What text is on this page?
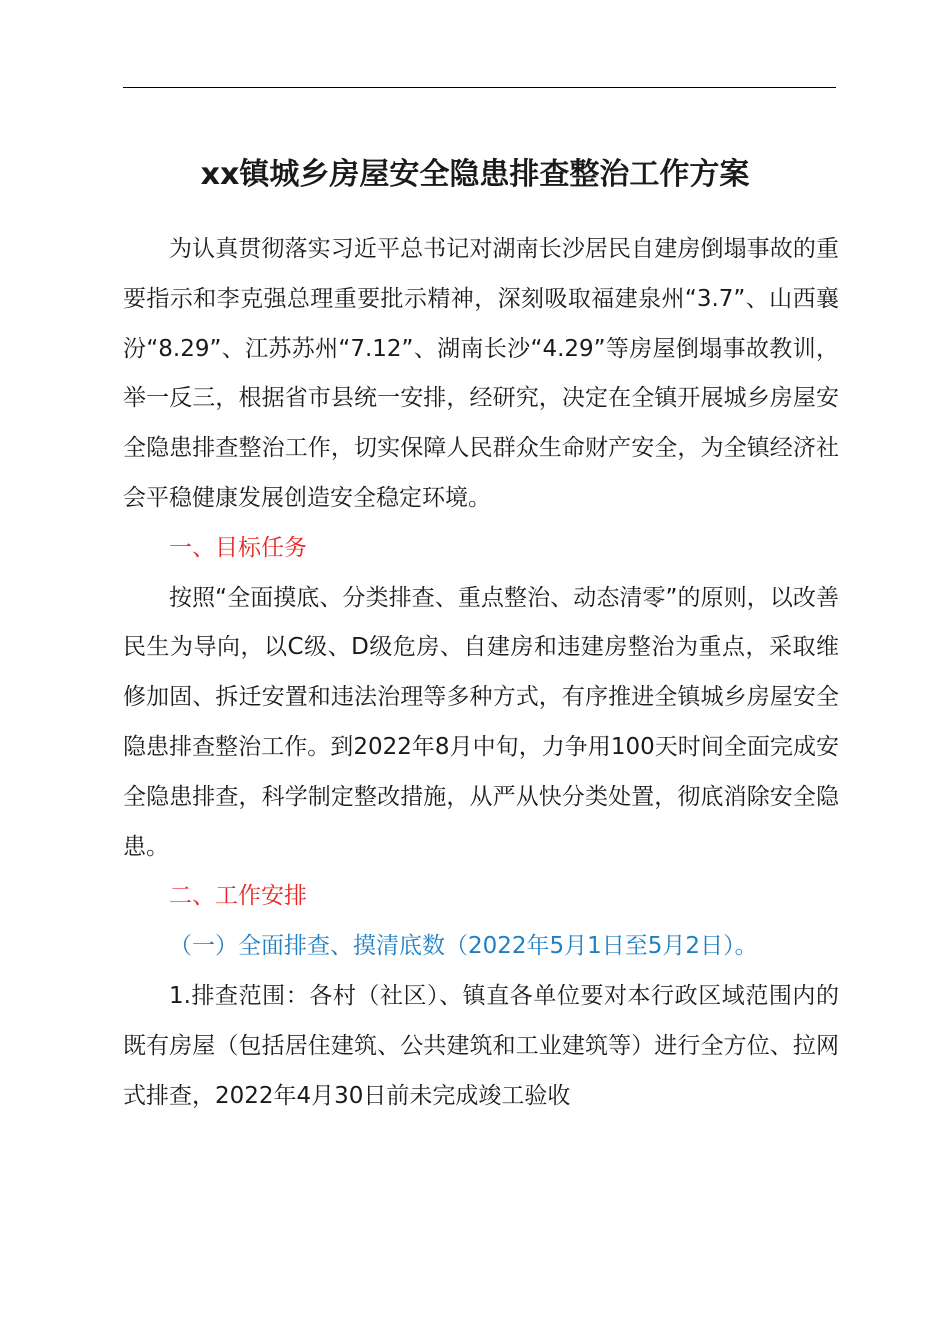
xx镇城乡房屋安全隐患排查整治工作方案

为认真贯彻落实习近平总书记对湖南长沙居民自建房倒塌事故的重要指示和李克强总理重要批示精神，深刻吸取福建泉州“3.7”、山西襄汾“8.29”、江苏苏州“7.12”、湖南长沙“4.29”等房屋倒塌事故教训，举一反三，根据省市县统一安排，经研究，决定在全镇开展城乡房屋安全隐患排查整治工作，切实保障人民群众生命财产安全，为全镇经济社会平稳健康发展创造安全稳定环境。

一、目标任务

按照“全面摸底、分类排查、重点整治、动态清零”的原则，以改善民生为导向，以C级、D级危房、自建房和违建房整治为重点，采取维修加固、拆迁安置和违法治理等多种方式，有序推进全镇城乡房屋安全隐患排查整治工作。到2022年8月中旬，力争用100天时间全面完成安全隐患排查，科学制定整改措施，从严从快分类处置，彻底消除安全隐患。

二、工作安排

（一）全面排查、摸清底数（2022年5月1日至5月2日）。

1.排查范围：各村（社区）、镇直各单位要对本行政区域范围内的既有房屋（包括居住建筑、公共建筑和工业建筑等）进行全方位、拉网式排查，2022年4月30日前未完成竣工验收
